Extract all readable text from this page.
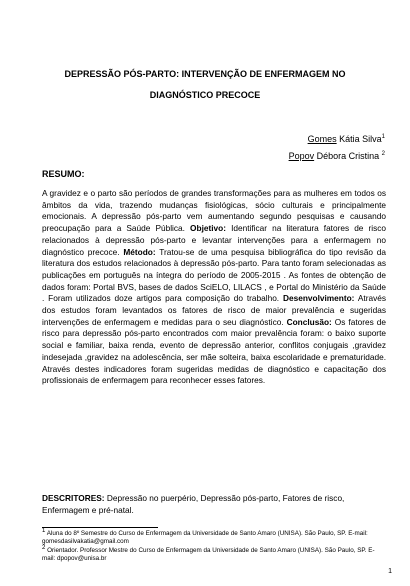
DEPRESSÃO PÓS-PARTO: INTERVENÇÃO DE ENFERMAGEM NO
DIAGNÓSTICO PRECOCE
Gomes Kátia Silva$^1$
Popov Débora Cristina $^2$
RESUMO:

A gravidez e o parto são períodos de grandes transformações para as mulheres em todos os âmbitos da vida, trazendo mudanças fisiológicas, sócio culturais e principalmente emocionais. A depressão pós-parto vem aumentando segundo pesquisas e causando preocupação para a Saúde Pública. Objetivo: Identificar na literatura fatores de risco relacionados à depressão pós-parto e levantar intervenções para a enfermagem no diagnóstico precoce. Método: Tratou-se de uma pesquisa bibliográfica do tipo revisão da literatura dos estudos relacionados à depressão pós-parto. Para tanto foram selecionadas as publicações em português na íntegra do período de 2005-2015 . As fontes de obtenção de dados foram: Portal BVS, bases de dados SciELO, LILACS , e Portal do Ministério da Saúde . Foram utilizados doze artigos para composição do trabalho. Desenvolvimento: Através dos estudos foram levantados os fatores de risco de maior prevalência e sugeridas intervenções de enfermagem e medidas para o seu diagnóstico. Conclusão: Os fatores de risco para depressão pós-parto encontrados com maior prevalência foram: o baixo suporte social e familiar, baixa renda, evento de depressão anterior, conflitos conjugais ,gravidez indesejada ,gravidez na adolescência, ser mãe solteira, baixa escolaridade e prematuridade. Através destes indicadores foram sugeridas medidas de diagnóstico e capacitação dos profissionais de enfermagem para reconhecer esses fatores.

DESCRITORES: Depressão no puerpério, Depressão pós-parto, Fatores de risco, Enfermagem e pré-natal.

$^1$ Aluna do 8º Semestre do Curso de Enfermagem da Universidade de Santo Amaro (UNISA). São Paulo, SP. E-mail: gomesdasilvakatia@gmail.com

$^2$ Orientador. Professor Mestre do Curso de Enfermagem da Universidade de Santo Amaro (UNISA). São Paulo, SP. E-mail: dpopov@unisa.br

1
